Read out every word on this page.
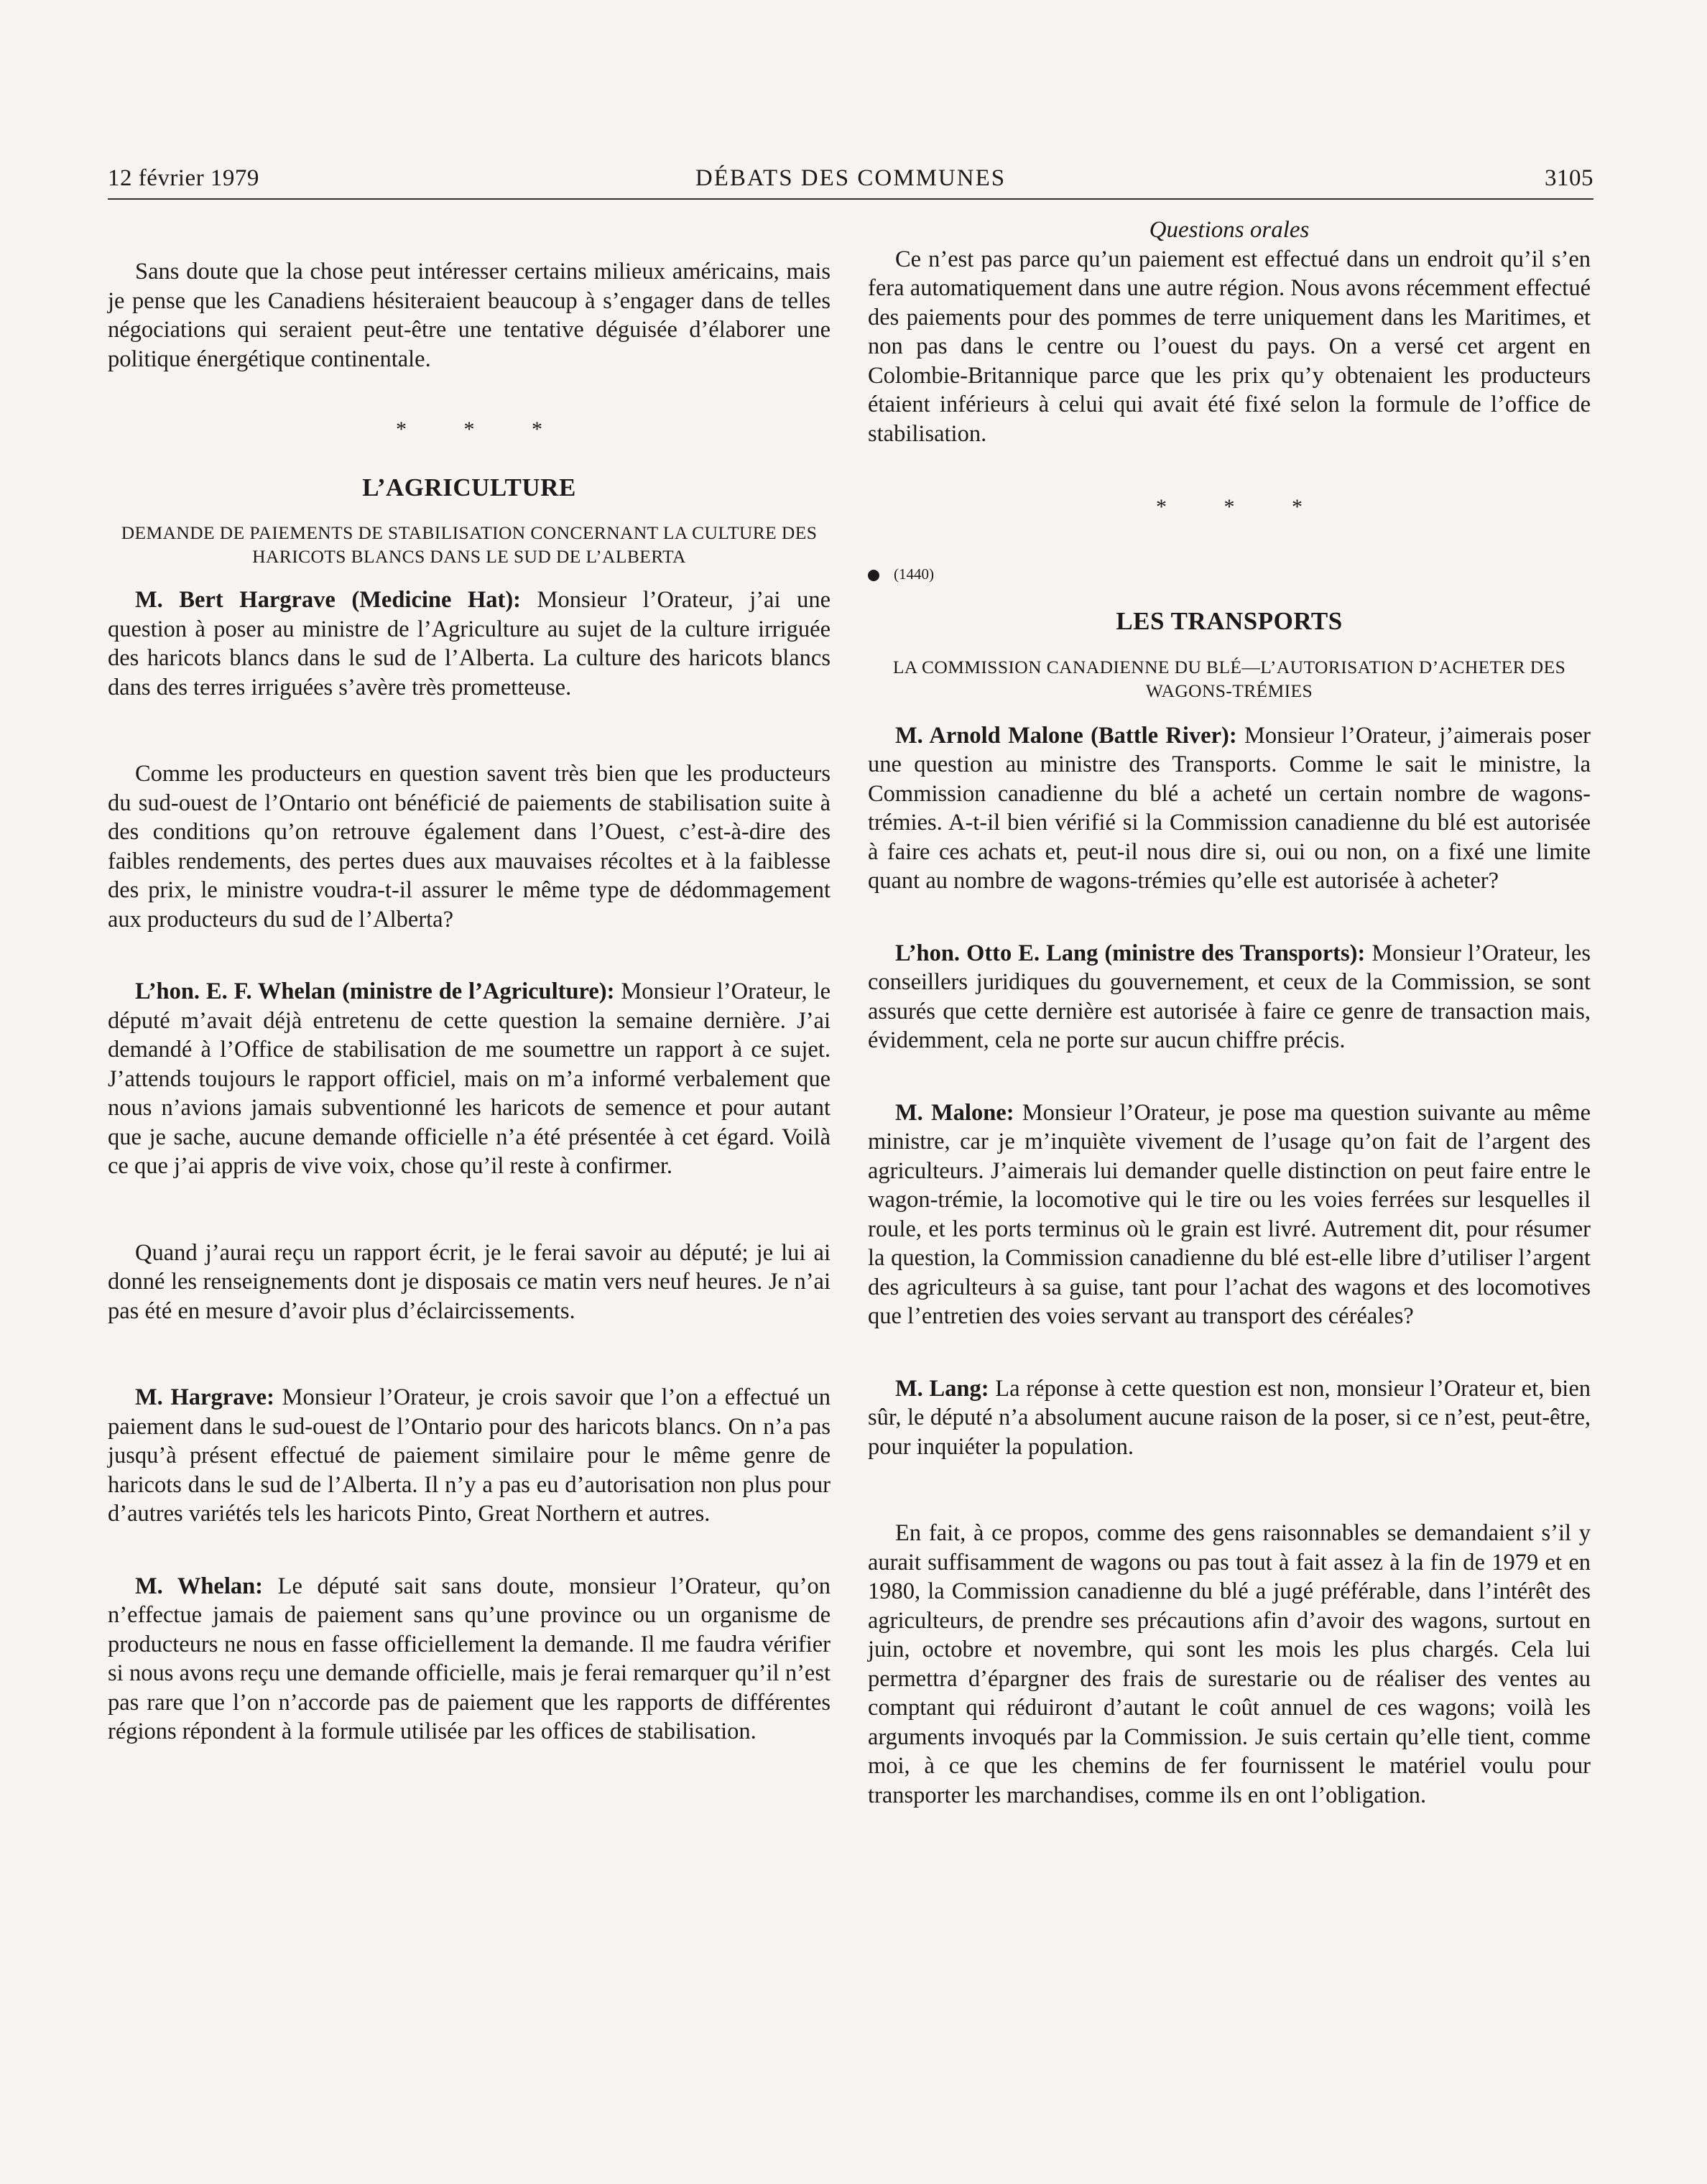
12 février 1979	DÉBATS DES COMMUNES	3105

Sans doute que la chose peut intéresser certains milieux américains, mais je pense que les Canadiens hésiteraient beaucoup à s’engager dans de telles négociations qui seraient peut-être une tentative déguisée d’élaborer une politique énergétique continentale.

* * *
L’AGRICULTURE
DEMANDE DE PAIEMENTS DE STABILISATION CONCERNANT LA CULTURE DES HARICOTS BLANCS DANS LE SUD DE L’ALBERTA

M. Bert Hargrave (Medicine Hat): Monsieur l’Orateur, j’ai une question à poser au ministre de l’Agriculture au sujet de la culture irriguée des haricots blancs dans le sud de l’Alberta. La culture des haricots blancs dans des terres irriguées s’avère très prometteuse.

Comme les producteurs en question savent très bien que les producteurs du sud-ouest de l’Ontario ont bénéficié de paiements de stabilisation suite à des conditions qu’on retrouve également dans l’Ouest, c’est-à-dire des faibles rendements, des pertes dues aux mauvaises récoltes et à la faiblesse des prix, le ministre voudra-t-il assurer le même type de dédommagement aux producteurs du sud de l’Alberta?

L’hon. E. F. Whelan (ministre de l’Agriculture): Monsieur l’Orateur, le député m’avait déjà entretenu de cette question la semaine dernière. J’ai demandé à l’Office de stabilisation de me soumettre un rapport à ce sujet. J’attends toujours le rapport officiel, mais on m’a informé verbalement que nous n’avions jamais subventionné les haricots de semence et pour autant que je sache, aucune demande officielle n’a été présentée à cet égard. Voilà ce que j’ai appris de vive voix, chose qu’il reste à confirmer.

Quand j’aurai reçu un rapport écrit, je le ferai savoir au député; je lui ai donné les renseignements dont je disposais ce matin vers neuf heures. Je n’ai pas été en mesure d’avoir plus d’éclaircissements.

M. Hargrave: Monsieur l’Orateur, je crois savoir que l’on a effectué un paiement dans le sud-ouest de l’Ontario pour des haricots blancs. On n’a pas jusqu’à présent effectué de paiement similaire pour le même genre de haricots dans le sud de l’Alberta. Il n’y a pas eu d’autorisation non plus pour d’autres variétés tels les haricots Pinto, Great Northern et autres.

M. Whelan: Le député sait sans doute, monsieur l’Orateur, qu’on n’effectue jamais de paiement sans qu’une province ou un organisme de producteurs ne nous en fasse officiellement la demande. Il me faudra vérifier si nous avons reçu une demande officielle, mais je ferai remarquer qu’il n’est pas rare que l’on n’accorde pas de paiement que les rapports de différentes régions répondent à la formule utilisée par les offices de stabilisation.

Questions orales

Ce n’est pas parce qu’un paiement est effectué dans un endroit qu’il s’en fera automatiquement dans une autre région. Nous avons récemment effectué des paiements pour des pommes de terre uniquement dans les Maritimes, et non pas dans le centre ou l’ouest du pays. On a versé cet argent en Colombie-Britannique parce que les prix qu’y obtenaient les producteurs étaient inférieurs à celui qui avait été fixé selon la formule de l’office de stabilisation.

* * *
(1440)
LES TRANSPORTS
LA COMMISSION CANADIENNE DU BLÉ—L’AUTORISATION D’ACHETER DES WAGONS-TRÉMIES

M. Arnold Malone (Battle River): Monsieur l’Orateur, j’aimerais poser une question au ministre des Transports. Comme le sait le ministre, la Commission canadienne du blé a acheté un certain nombre de wagons-trémies. A-t-il bien vérifié si la Commission canadienne du blé est autorisée à faire ces achats et, peut-il nous dire si, oui ou non, on a fixé une limite quant au nombre de wagons-trémies qu’elle est autorisée à acheter?

L’hon. Otto E. Lang (ministre des Transports): Monsieur l’Orateur, les conseillers juridiques du gouvernement, et ceux de la Commission, se sont assurés que cette dernière est autorisée à faire ce genre de transaction mais, évidemment, cela ne porte sur aucun chiffre précis.

M. Malone: Monsieur l’Orateur, je pose ma question suivante au même ministre, car je m’inquiète vivement de l’usage qu’on fait de l’argent des agriculteurs. J’aimerais lui demander quelle distinction on peut faire entre le wagon-trémie, la locomotive qui le tire ou les voies ferrées sur lesquelles il roule, et les ports terminus où le grain est livré. Autrement dit, pour résumer la question, la Commission canadienne du blé est-elle libre d’utiliser l’argent des agriculteurs à sa guise, tant pour l’achat des wagons et des locomotives que l’entretien des voies servant au transport des céréales?

M. Lang: La réponse à cette question est non, monsieur l’Orateur et, bien sûr, le député n’a absolument aucune raison de la poser, si ce n’est, peut-être, pour inquiéter la population.

En fait, à ce propos, comme des gens raisonnables se demandaient s’il y aurait suffisamment de wagons ou pas tout à fait assez à la fin de 1979 et en 1980, la Commission canadienne du blé a jugé préférable, dans l’intérêt des agriculteurs, de prendre ses précautions afin d’avoir des wagons, surtout en juin, octobre et novembre, qui sont les mois les plus chargés. Cela lui permettra d’épargner des frais de surestarie ou de réaliser des ventes au comptant qui réduiront d’autant le coût annuel de ces wagons; voilà les arguments invoqués par la Commission. Je suis certain qu’elle tient, comme moi, à ce que les chemins de fer fournissent le matériel voulu pour transporter les marchandises, comme ils en ont l’obligation.
